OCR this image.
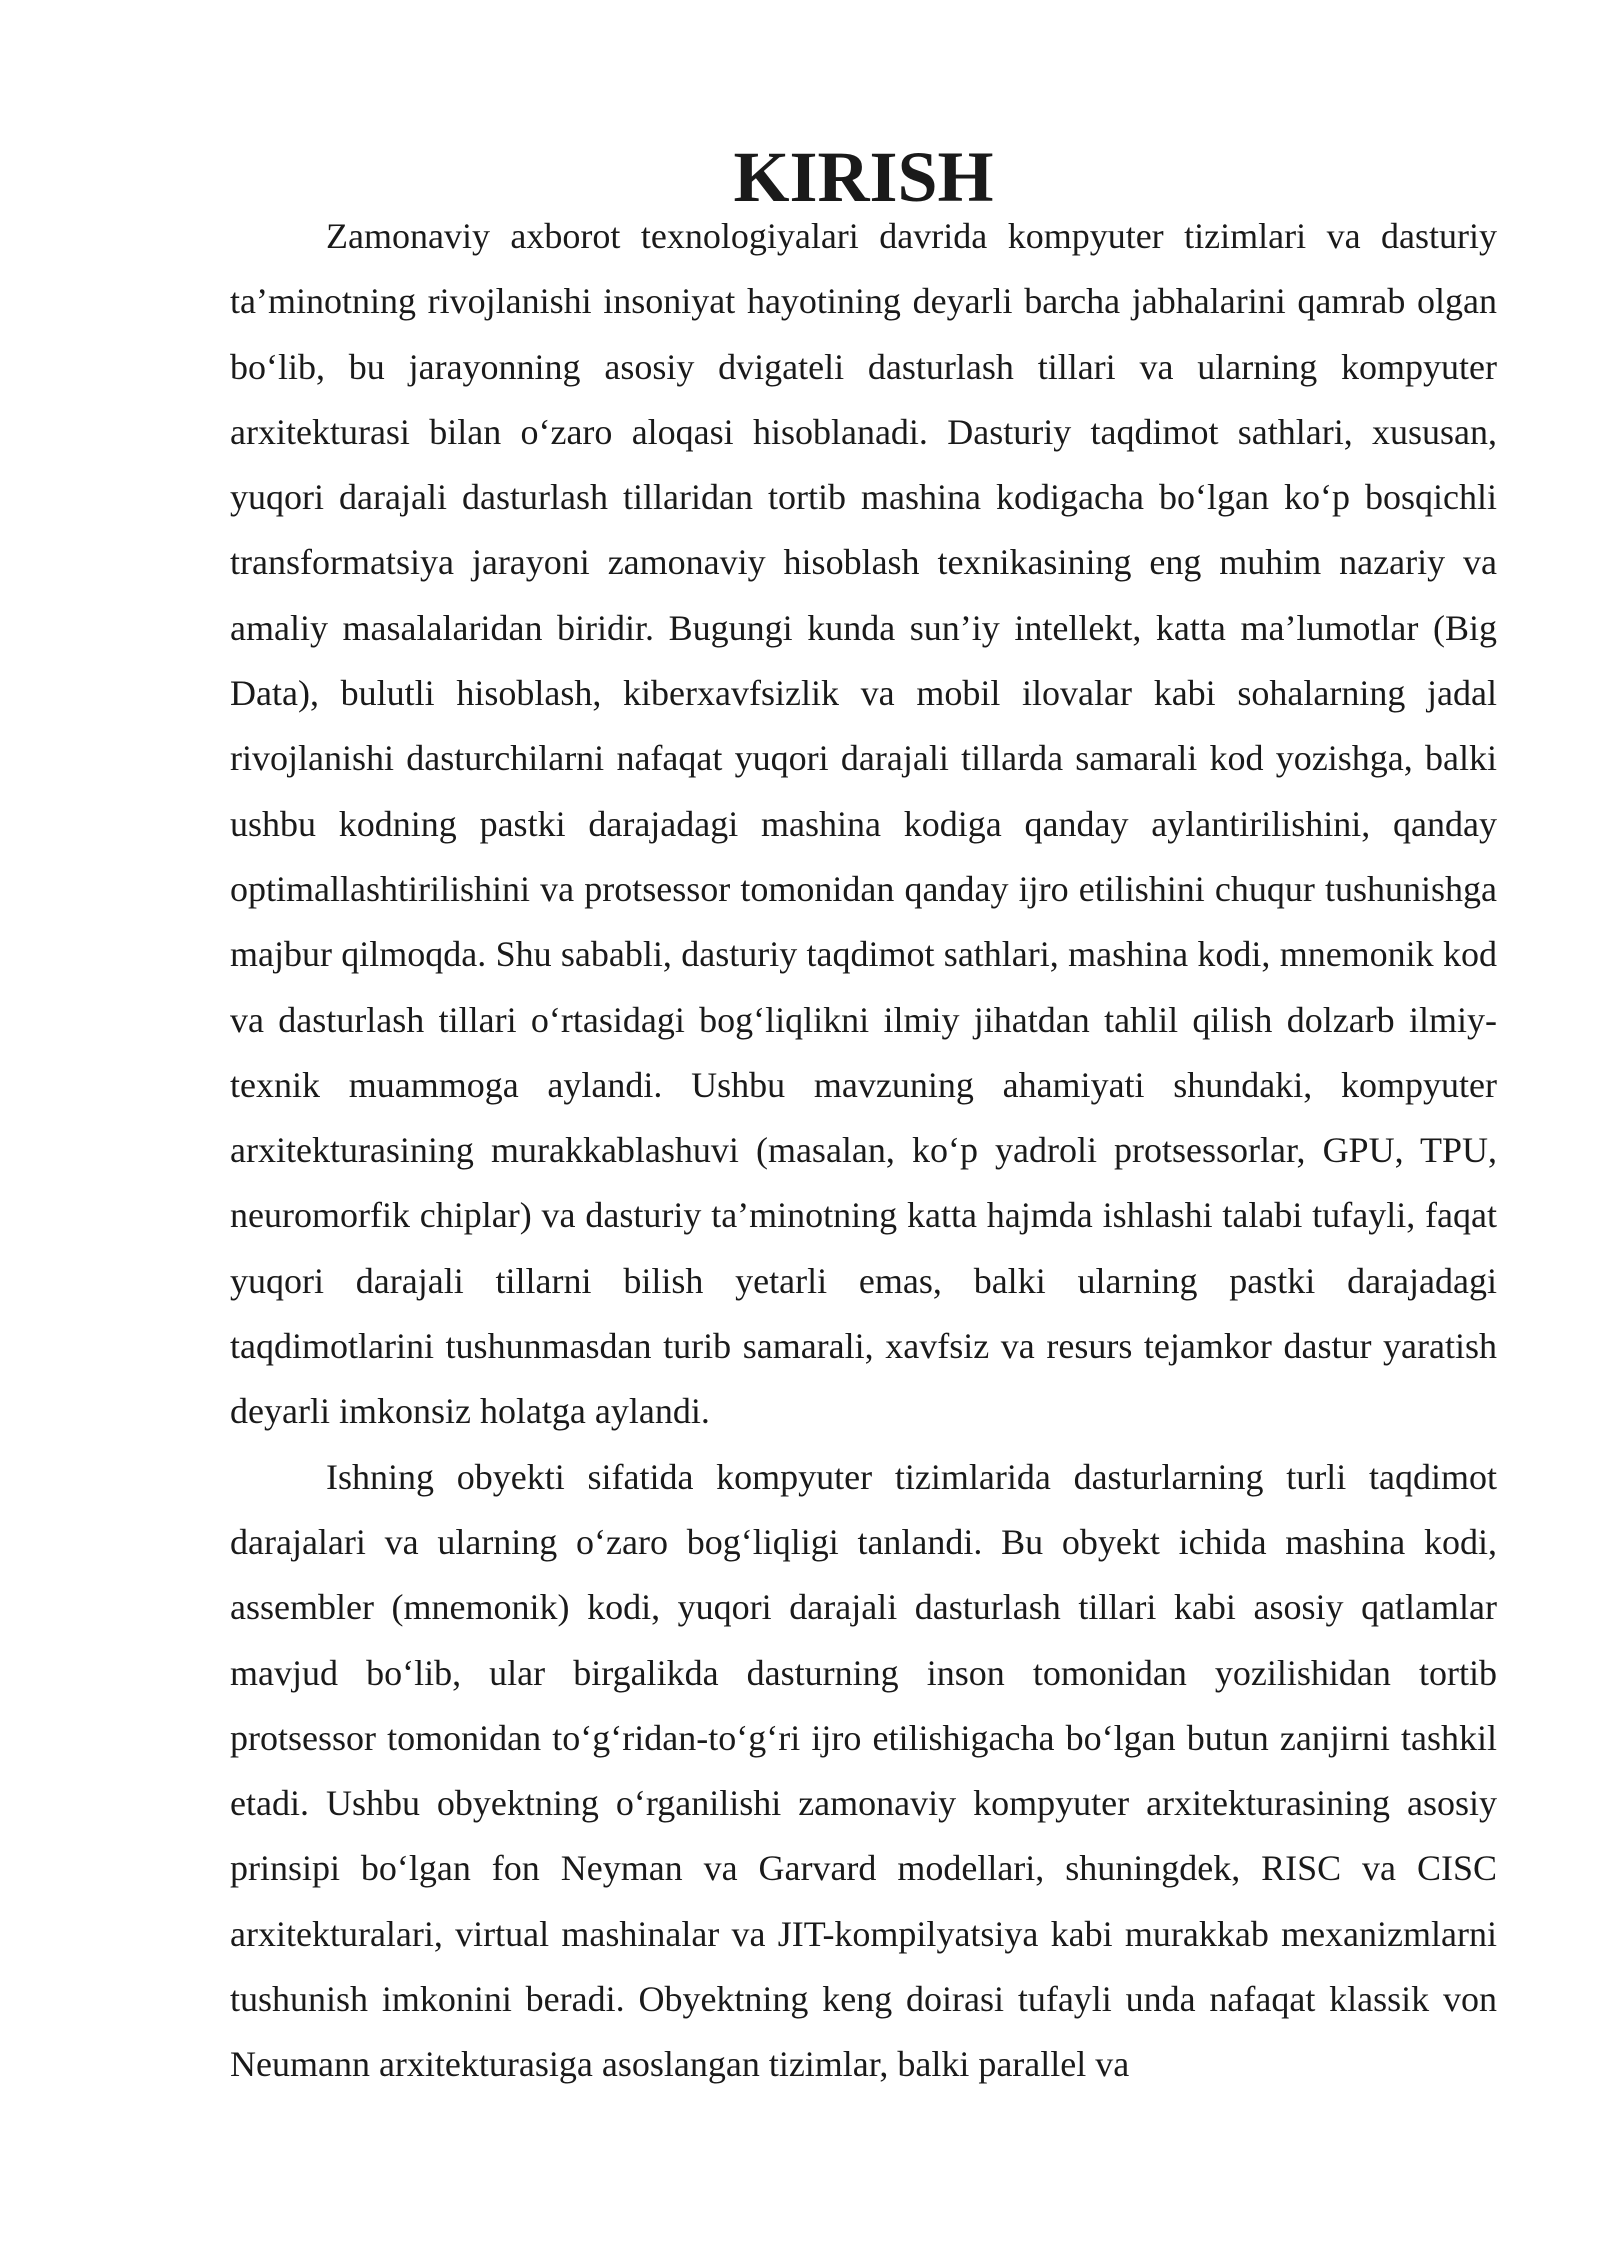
KIRISH

Zamonaviy axborot texnologiyalari davrida kompyuter tizimlari va dasturiy ta’minotning rivojlanishi insoniyat hayotining deyarli barcha jabhalarini qamrab olgan bo‘lib, bu jarayonning asosiy dvigateli dasturlash tillari va ularning kompyuter arxitekturasi bilan o‘zaro aloqasi hisoblanadi. Dasturiy taqdimot sathlari, xususan, yuqori darajali dasturlash tillaridan tortib mashina kodigacha bo‘lgan ko‘p bosqichli transformatsiya jarayoni zamonaviy hisoblash texnikasining eng muhim nazariy va amaliy masalalaridan biridir. Bugungi kunda sun’iy intellekt, katta ma’lumotlar (Big Data), bulutli hisoblash, kiberxavfsizlik va mobil ilovalar kabi sohalarning jadal rivojlanishi dasturchilarni nafaqat yuqori darajali tillarda samarali kod yozishga, balki ushbu kodning pastki darajadagi mashina kodiga qanday aylantirilishini, qanday optimallashtirilishini va protsessor tomonidan qanday ijro etilishini chuqur tushunishga majbur qilmoqda. Shu sababli, dasturiy taqdimot sathlari, mashina kodi, mnemonik kod va dasturlash tillari o‘rtasidagi bog‘liqlikni ilmiy jihatdan tahlil qilish dolzarb ilmiy-texnik muammoga aylandi. Ushbu mavzuning ahamiyati shundaki, kompyuter arxitekturasining murakkablashuvi (masalan, ko‘p yadroli protsessorlar, GPU, TPU, neuromorfik chiplar) va dasturiy ta’minotning katta hajmda ishlashi talabi tufayli, faqat yuqori darajali tillarni bilish yetarli emas, balki ularning pastki darajadagi taqdimotlarini tushunmasdan turib samarali, xavfsiz va resurs tejamkor dastur yaratish deyarli imkonsiz holatga aylandi.

Ishning obyekti sifatida kompyuter tizimlarida dasturlarning turli taqdimot darajalari va ularning o‘zaro bog‘liqligi tanlandi. Bu obyekt ichida mashina kodi, assembler (mnemonik) kodi, yuqori darajali dasturlash tillari kabi asosiy qatlamlar mavjud bo‘lib, ular birgalikda dasturning inson tomonidan yozilishidan tortib protsessor tomonidan to‘g‘ridan-to‘g‘ri ijro etilishigacha bo‘lgan butun zanjirni tashkil etadi. Ushbu obyektning o‘rganilishi zamonaviy kompyuter arxitekturasining asosiy prinsipi bo‘lgan fon Neyman va Garvard modellari, shuningdek, RISC va CISC arxitekturalari, virtual mashinalar va JIT-kompilyatsiya kabi murakkab mexanizmlarni tushunish imkonini beradi. Obyektning keng doirasi tufayli unda nafaqat klassik von Neumann arxitekturasiga asoslangan tizimlar, balki parallel va
